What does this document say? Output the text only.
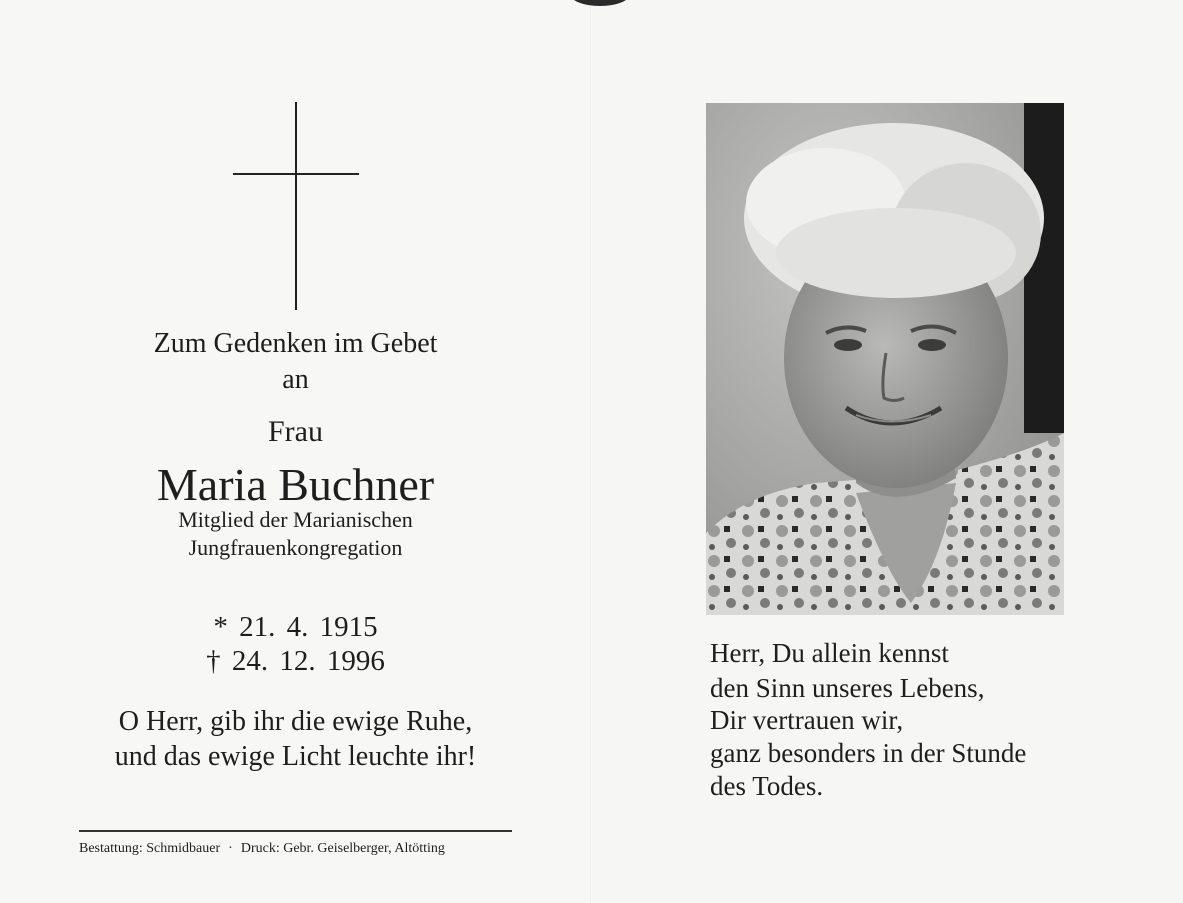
Zum Gedenken im Gebet
an
Frau
Maria Buchner
Mitglied der Marianischen
Jungfrauenkongregation
* 21. 4. 1915
† 24. 12. 1996
O Herr, gib ihr die ewige Ruhe,
und das ewige Licht leuchte ihr!
Bestattung: Schmidbauer · Druck: Gebr. Geiselberger, Altötting
Herr, Du allein kennst
den Sinn unseres Lebens,
Dir vertrauen wir,
ganz besonders in der Stunde
des Todes.
